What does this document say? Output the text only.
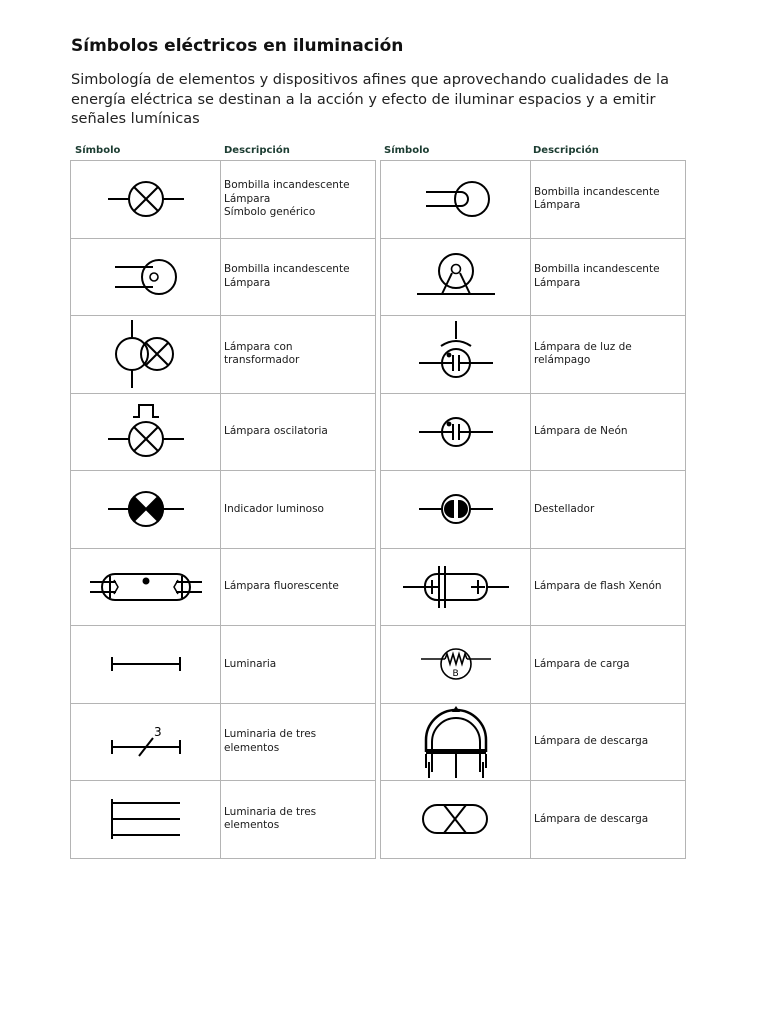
Símbolos eléctricos en iluminación

Simbología de elementos y dispositivos afines que aprovechando cualidades de la energía eléctrica se destinan a la acción y efecto de iluminar espacios y a emitir señales lumínicas

Símbolo	Descripción	Símbolo	Descripción
	Bombilla incandescente
Lámpara
Símbolo genérico

	Bombilla incandescente
Lámpara

	Lámpara con
transformador

	Lámpara oscilatoria

	Indicador luminoso

	Lámpara fluorescente

	Luminaria

3	Luminaria de tres
elementos

	Luminaria de tres
elementos
	Bombilla incandescente
Lámpara

	Bombilla incandescente
Lámpara

	Lámpara de luz de
relámpago

	Lámpara de Neón

	Destellador

	Lámpara de flash Xenón

B	Lámpara de carga

	Lámpara de descarga

	Lámpara de descarga
